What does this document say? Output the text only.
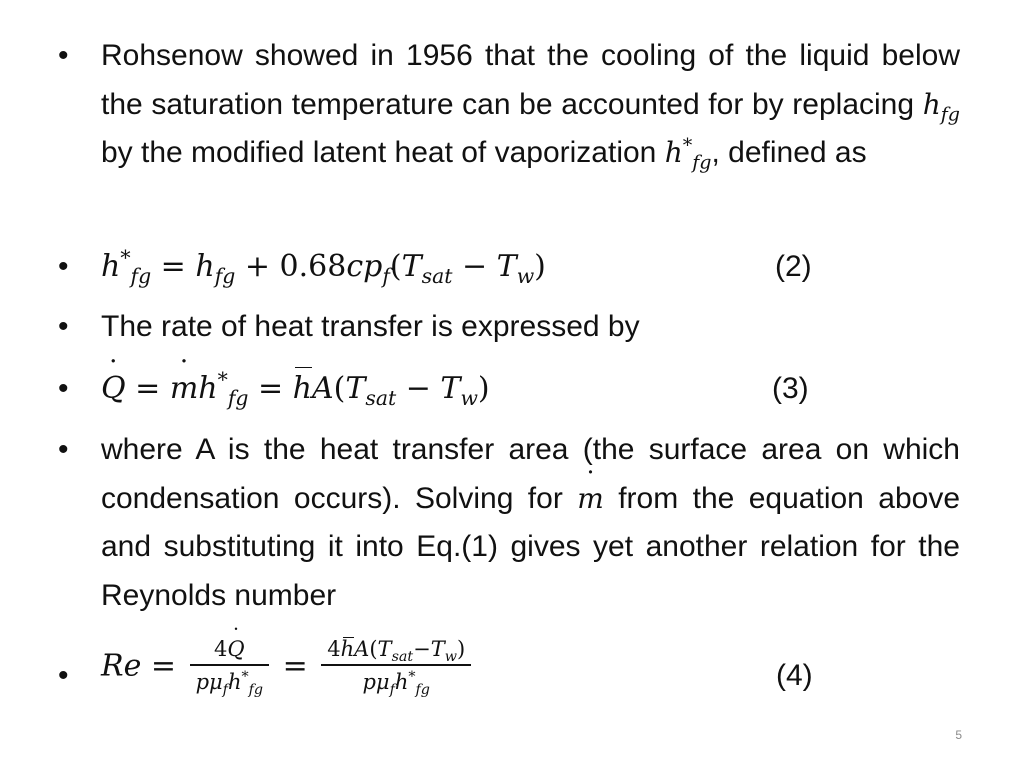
• Rohsenow showed in 1956 that the cooling of the liquid below the saturation temperature can be accounted for by replacing $h_{fg}$ by the modified latent heat of vaporization $h^*_{fg}$, defined as
• $h^*_{fg} = h_{fg} + 0.68cp_f(T_{sat} - T_w)$	(2)
• The rate of heat transfer is expressed by
• Q ˙ = m $˙h^*_{fg} = hA(T_{sat} - T_w)$	(3)
• where A is the heat transfer area (the surface area on which condensation occurs). Solving for m ˙ from the equation above and substituting it into Eq.(1) gives yet another relation for the Reynolds number
• $Re = \frac{4Q ˙}{p\mu_fh^*_{fg}} = \frac{4hA(T_{sat}-T_w)}{p\mu_fh^*_{fg}}$	(4)
5
